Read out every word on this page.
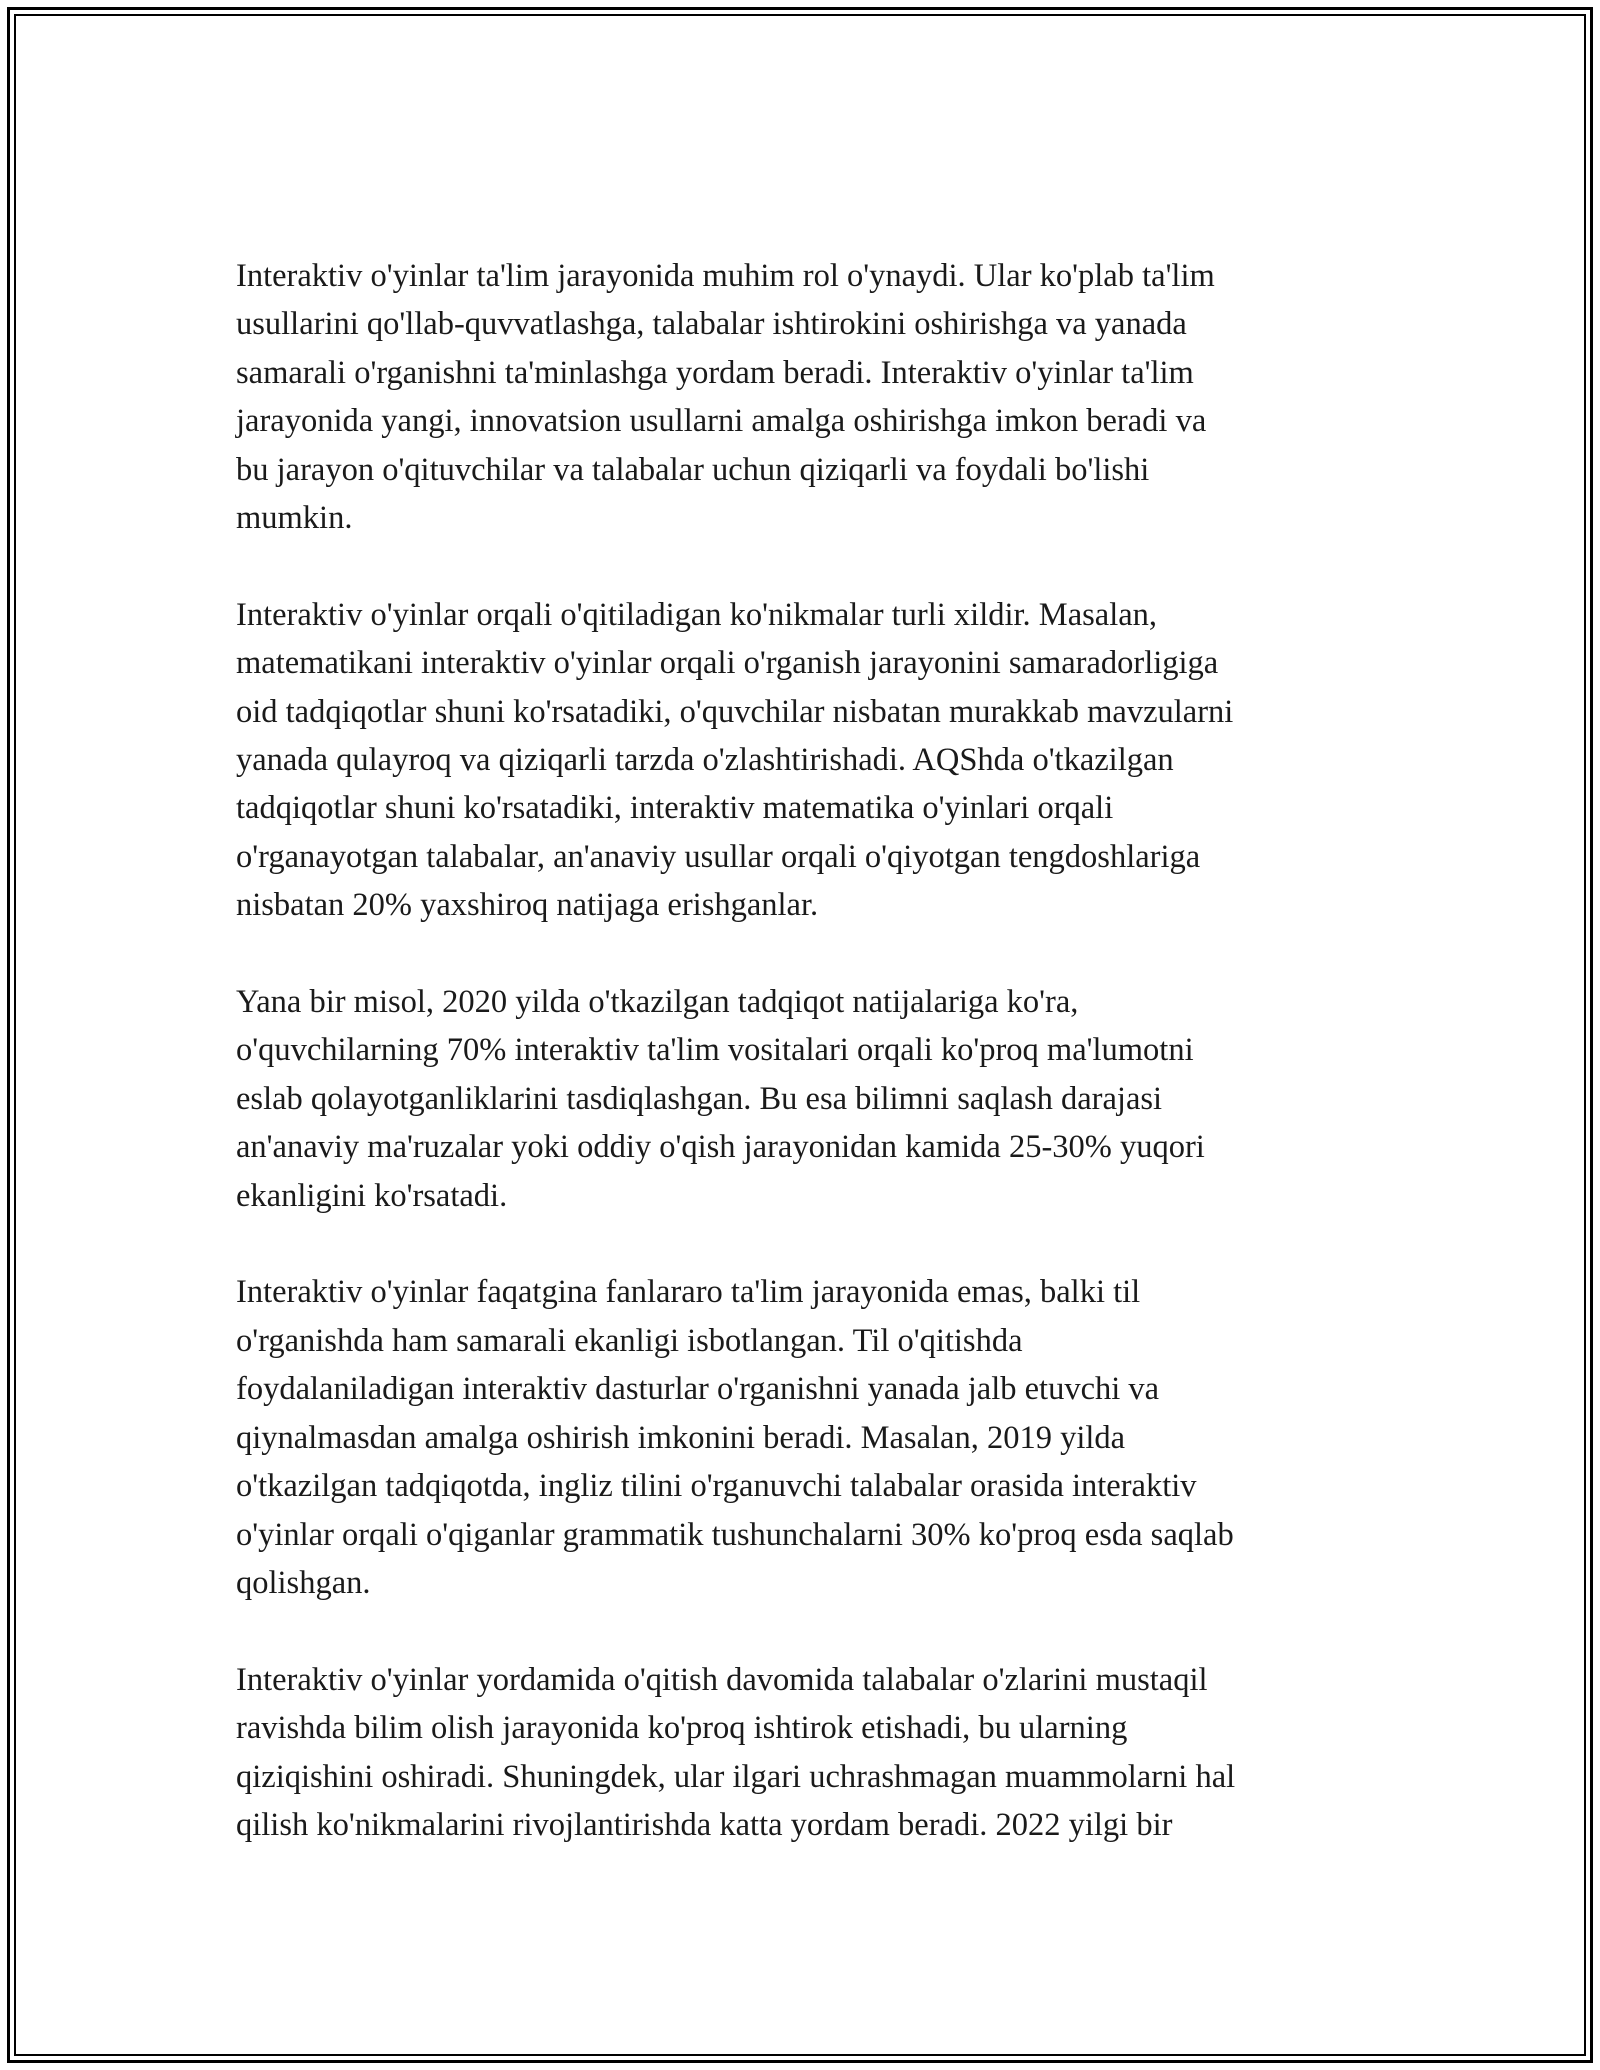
Interaktiv o'yinlar ta'lim jarayonida muhim rol o'ynaydi. Ular ko'plab ta'lim
usullarini qo'llab-quvvatlashga, talabalar ishtirokini oshirishga va yanada
samarali o'rganishni ta'minlashga yordam beradi. Interaktiv o'yinlar ta'lim
jarayonida yangi, innovatsion usullarni amalga oshirishga imkon beradi va
bu jarayon o'qituvchilar va talabalar uchun qiziqarli va foydali bo'lishi
mumkin.

Interaktiv o'yinlar orqali o'qitiladigan ko'nikmalar turli xildir. Masalan,
matematikani interaktiv o'yinlar orqali o'rganish jarayonini samaradorligiga
oid tadqiqotlar shuni ko'rsatadiki, o'quvchilar nisbatan murakkab mavzularni
yanada qulayroq va qiziqarli tarzda o'zlashtirishadi. AQShda o'tkazilgan
tadqiqotlar shuni ko'rsatadiki, interaktiv matematika o'yinlari orqali
o'rganayotgan talabalar, an'anaviy usullar orqali o'qiyotgan tengdoshlariga
nisbatan 20% yaxshiroq natijaga erishganlar.

Yana bir misol, 2020 yilda o'tkazilgan tadqiqot natijalariga ko'ra,
o'quvchilarning 70% interaktiv ta'lim vositalari orqali ko'proq ma'lumotni
eslab qolayotganliklarini tasdiqlashgan. Bu esa bilimni saqlash darajasi
an'anaviy ma'ruzalar yoki oddiy o'qish jarayonidan kamida 25-30% yuqori
ekanligini ko'rsatadi.

Interaktiv o'yinlar faqatgina fanlararo ta'lim jarayonida emas, balki til
o'rganishda ham samarali ekanligi isbotlangan. Til o'qitishda
foydalaniladigan interaktiv dasturlar o'rganishni yanada jalb etuvchi va
qiynalmasdan amalga oshirish imkonini beradi. Masalan, 2019 yilda
o'tkazilgan tadqiqotda, ingliz tilini o'rganuvchi talabalar orasida interaktiv
o'yinlar orqali o'qiganlar grammatik tushunchalarni 30% ko'proq esda saqlab
qolishgan.

Interaktiv o'yinlar yordamida o'qitish davomida talabalar o'zlarini mustaqil
ravishda bilim olish jarayonida ko'proq ishtirok etishadi, bu ularning
qiziqishini oshiradi. Shuningdek, ular ilgari uchrashmagan muammolarni hal
qilish ko'nikmalarini rivojlantirishda katta yordam beradi. 2022 yilgi bir
